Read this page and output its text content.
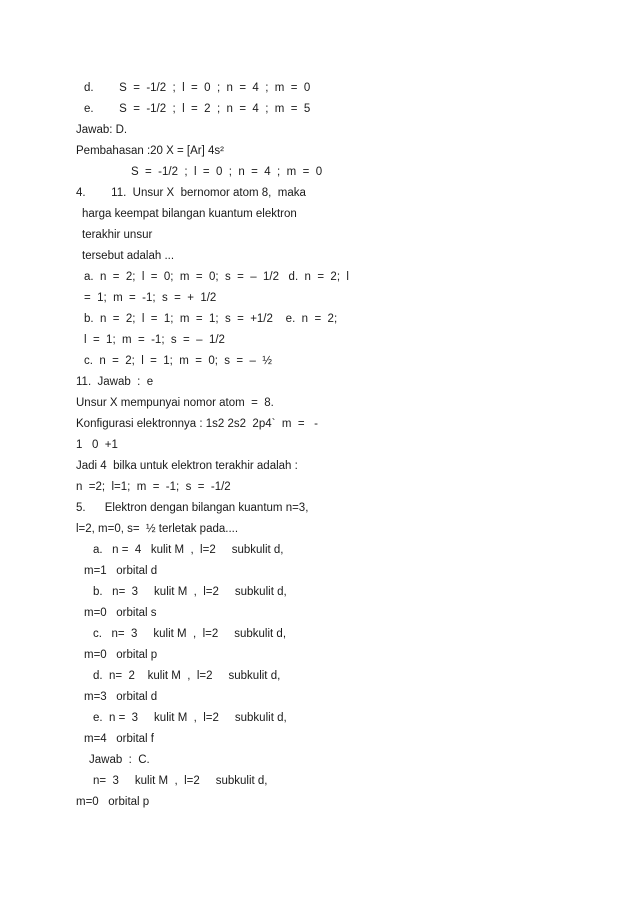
d.        S  =  -1/2  ;  l  =  0  ;  n  =  4  ;  m  =  0
e.        S  =  -1/2  ;  l  =  2  ;  n  =  4  ;  m  =  5
Jawab: D.
Pembahasan :20 X = [Ar] 4s²
S  =  -1/2  ;  l  =  0  ;  n  =  4  ;  m  =  0
4.        11.  Unsur X  bernomor atom 8,  maka
harga keempat bilangan kuantum elektron
terakhir unsur
tersebut adalah ...
a.  n  =  2;  l  =  0;  m  =  0;  s  =  –  1/2   d.  n  =  2;  l
=  1;  m  =  -1;  s  =  +  1/2
b.  n  =  2;  l  =  1;  m  =  1;  s  =  +1/2    e.  n  =  2;
l  =  1;  m  =  -1;  s  =  –  1/2
c.  n  =  2;  l  =  1;  m  =  0;  s  =  –  ½
11.  Jawab  :  e
Unsur X mempunyai nomor atom  =  8.
Konfigurasi elektronnya : 1s2 2s2  2p4`  m  =   -
1   0  +1
Jadi 4  bilka untuk elektron terakhir adalah :
n  =2;  l=1;  m  =  -1;  s  =  -1/2
5.      Elektron dengan bilangan kuantum n=3,
l=2, m=0, s=  ½ terletak pada....
a.   n =  4   kulit M  ,  l=2     subkulit d,
m=1   orbital d
b.   n=  3     kulit M  ,  l=2     subkulit d,
m=0   orbital s
c.   n=  3     kulit M  ,  l=2     subkulit d,
m=0   orbital p
d.  n=  2    kulit M  ,  l=2     subkulit d,
m=3   orbital d
e.  n =  3     kulit M  ,  l=2     subkulit d,
m=4   orbital f
Jawab  :  C.
n=  3     kulit M  ,  l=2     subkulit d,
m=0   orbital p
